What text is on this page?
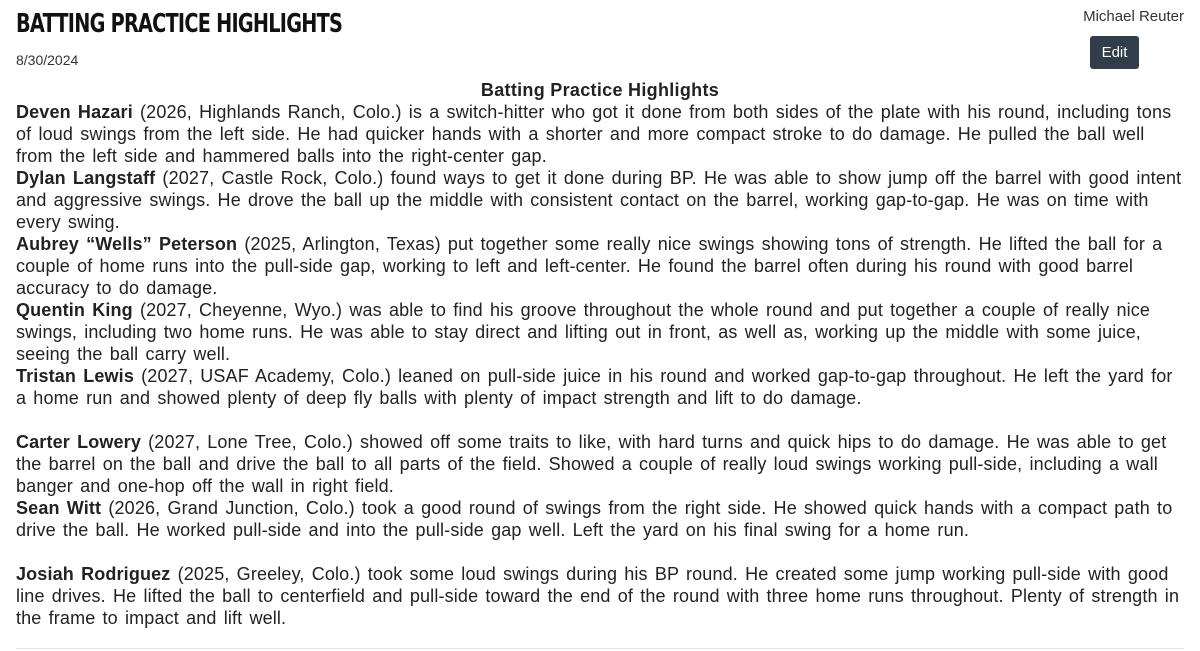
BATTING PRACTICE HIGHLIGHTS
8/30/2024
Michael Reuter
Edit
Batting Practice Highlights

Deven Hazari (2026, Highlands Ranch, Colo.) is a switch-hitter who got it done from both sides of the plate with his round, including tons of loud swings from the left side. He had quicker hands with a shorter and more compact stroke to do damage. He pulled the ball well from the left side and hammered balls into the right-center gap.

Dylan Langstaff (2027, Castle Rock, Colo.) found ways to get it done during BP. He was able to show jump off the barrel with good intent and aggressive swings. He drove the ball up the middle with consistent contact on the barrel, working gap-to-gap. He was on time with every swing.

Aubrey “Wells” Peterson (2025, Arlington, Texas) put together some really nice swings showing tons of strength. He lifted the ball for a couple of home runs into the pull-side gap, working to left and left-center. He found the barrel often during his round with good barrel accuracy to do damage.

Quentin King (2027, Cheyenne, Wyo.) was able to find his groove throughout the whole round and put together a couple of really nice swings, including two home runs. He was able to stay direct and lifting out in front, as well as, working up the middle with some juice, seeing the ball carry well.

Tristan Lewis (2027, USAF Academy, Colo.) leaned on pull-side juice in his round and worked gap-to-gap throughout. He left the yard for a home run and showed plenty of deep fly balls with plenty of impact strength and lift to do damage.

Carter Lowery (2027, Lone Tree, Colo.) showed off some traits to like, with hard turns and quick hips to do damage. He was able to get the barrel on the ball and drive the ball to all parts of the field. Showed a couple of really loud swings working pull-side, including a wall banger and one-hop off the wall in right field.

Sean Witt (2026, Grand Junction, Colo.) took a good round of swings from the right side. He showed quick hands with a compact path to drive the ball. He worked pull-side and into the pull-side gap well. Left the yard on his final swing for a home run.

Josiah Rodriguez (2025, Greeley, Colo.) took some loud swings during his BP round. He created some jump working pull-side with good line drives. He lifted the ball to centerfield and pull-side toward the end of the round with three home runs throughout. Plenty of strength in the frame to impact and lift well.
